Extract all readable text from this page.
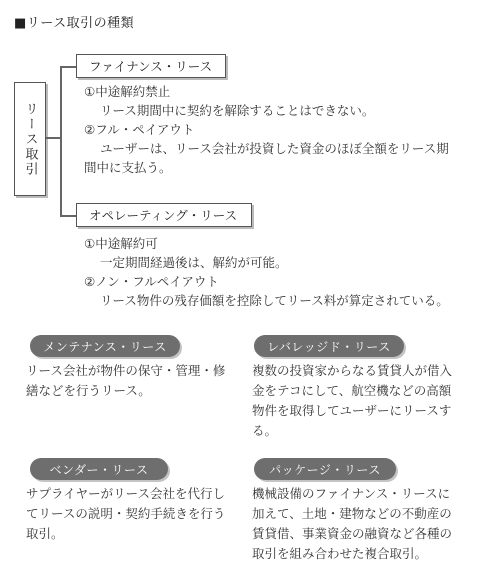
■リース取引の種類
リース取引
ファイナンス・リース
①中途解約禁止
リース期間中に契約を解除することはできない。
②フル・ペイアウト
ユーザーは、リース会社が投資した資金のほぼ全額をリース期
間中に支払う。
オペレーティング・リース
①中途解約可
一定期間経過後は、解約が可能。
②ノン・フルペイアウト
リース物件の残存価額を控除してリース料が算定されている。
メンテナンス・リース
リース会社が物件の保守・管理・修
繕などを行うリース。
レバレッジド・リース
複数の投資家からなる賃貸人が借入
金をテコにして、航空機などの高額
物件を取得してユーザーにリースす
る。
ベンダー・リース
サプライヤーがリース会社を代行し
てリースの説明・契約手続きを行う
取引。
パッケージ・リース
機械設備のファイナンス・リースに
加えて、土地・建物などの不動産の
賃貸借、事業資金の融資など各種の
取引を組み合わせた複合取引。
